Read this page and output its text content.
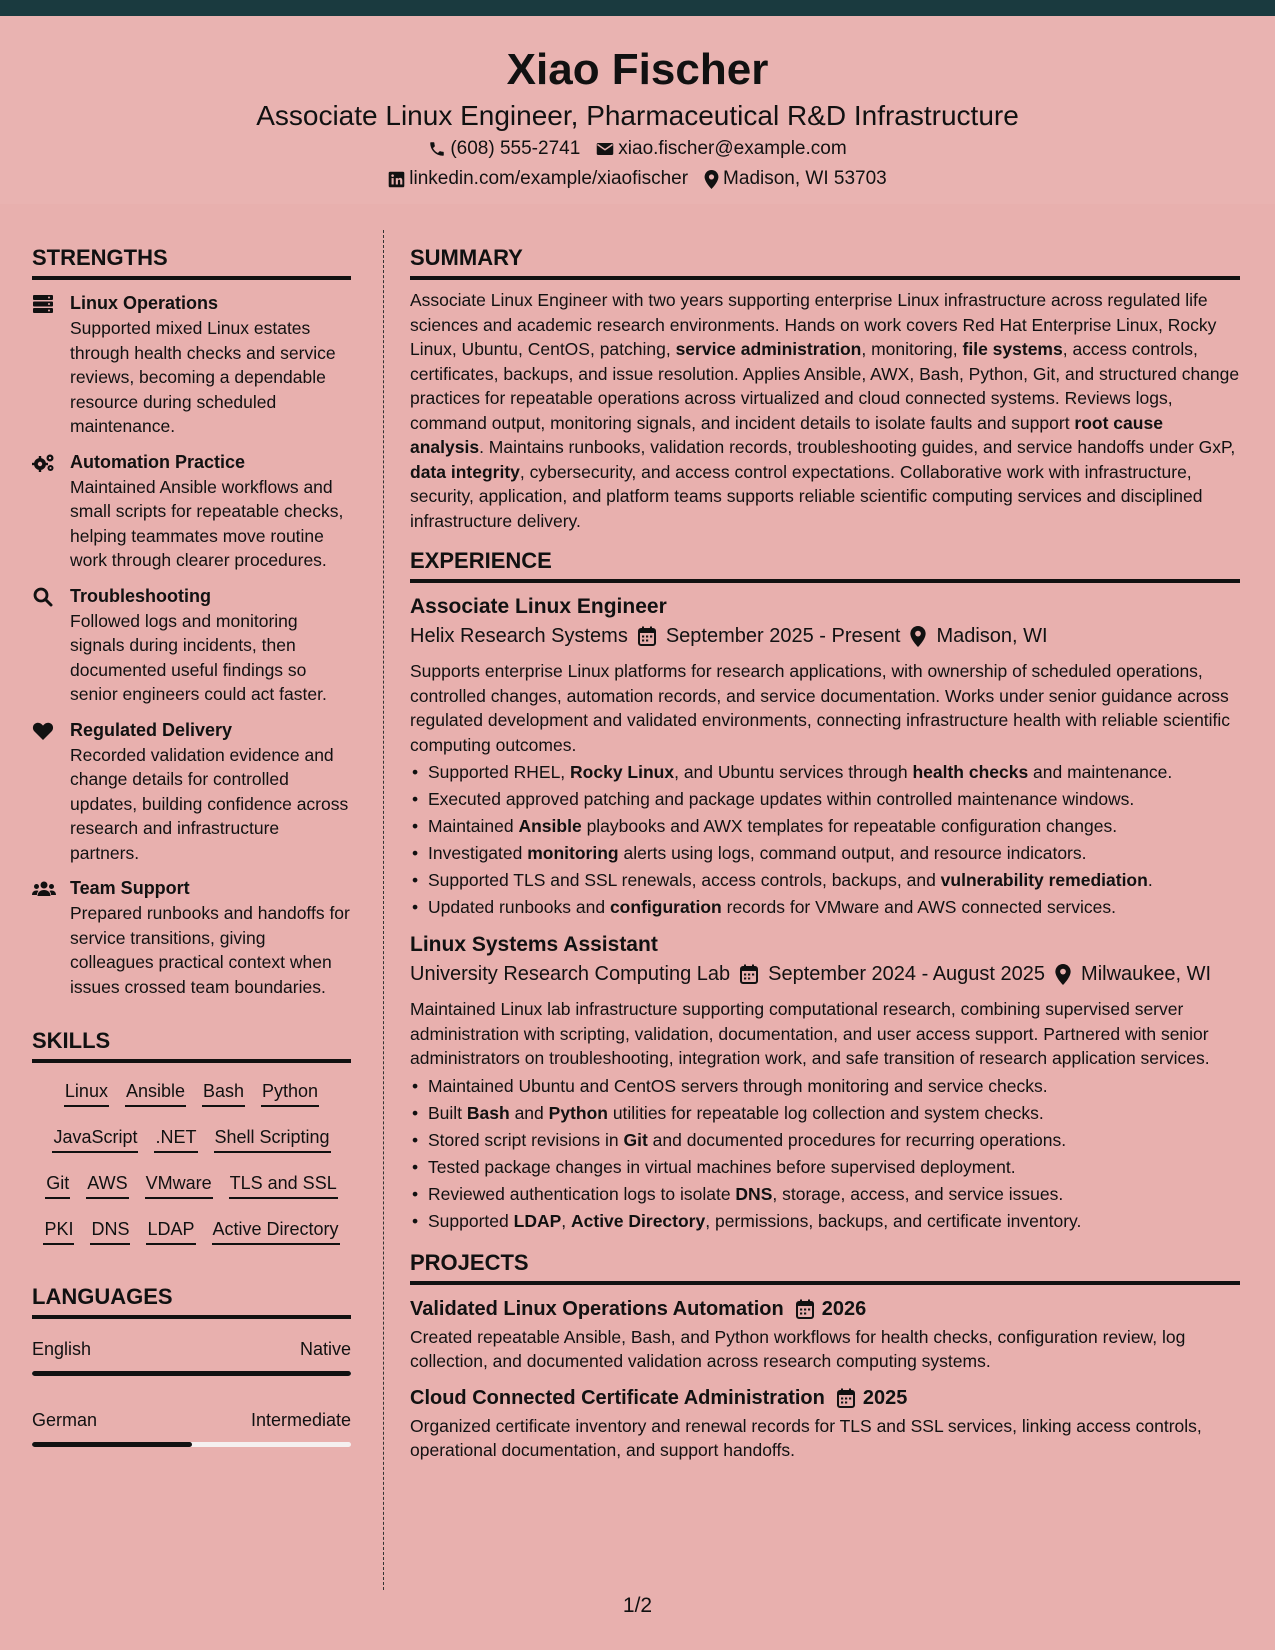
Xiao Fischer
Associate Linux Engineer, Pharmaceutical R&D Infrastructure
(608) 555-2741 xiao.fischer@example.com
linkedin.com/example/xiaofischer Madison, WI 53703
STRENGTHS
Linux Operations
Supported mixed Linux estates through health checks and service reviews, becoming a dependable resource during scheduled maintenance.
Automation Practice
Maintained Ansible workflows and small scripts for repeatable checks, helping teammates move routine work through clearer procedures.
Troubleshooting
Followed logs and monitoring signals during incidents, then documented useful findings so senior engineers could act faster.
Regulated Delivery
Recorded validation evidence and change details for controlled updates, building confidence across research and infrastructure partners.
Team Support
Prepared runbooks and handoffs for service transitions, giving colleagues practical context when issues crossed team boundaries.
SKILLS
Linux Ansible Bash Python
JavaScript .NET Shell Scripting
Git AWS VMware TLS and SSL
PKI DNS LDAP Active Directory
LANGUAGES
English	Native
German	Intermediate
SUMMARY

Associate Linux Engineer with two years supporting enterprise Linux infrastructure across regulated life sciences and academic research environments. Hands on work covers Red Hat Enterprise Linux, Rocky Linux, Ubuntu, CentOS, patching, service administration, monitoring, file systems, access controls, certificates, backups, and issue resolution. Applies Ansible, AWX, Bash, Python, Git, and structured change practices for repeatable operations across virtualized and cloud connected systems. Reviews logs, command output, monitoring signals, and incident details to isolate faults and support root cause analysis. Maintains runbooks, validation records, troubleshooting guides, and service handoffs under GxP, data integrity, cybersecurity, and access control expectations. Collaborative work with infrastructure, security, application, and platform teams supports reliable scientific computing services and disciplined infrastructure delivery.

EXPERIENCE
Associate Linux Engineer
Helix Research Systems September 2025 - Present Madison, WI

Supports enterprise Linux platforms for research applications, with ownership of scheduled operations, controlled changes, automation records, and service documentation. Works under senior guidance across regulated development and validated environments, connecting infrastructure health with reliable scientific computing outcomes.

• Supported RHEL, Rocky Linux, and Ubuntu services through health checks and maintenance.
• Executed approved patching and package updates within controlled maintenance windows.
• Maintained Ansible playbooks and AWX templates for repeatable configuration changes.
• Investigated monitoring alerts using logs, command output, and resource indicators.
• Supported TLS and SSL renewals, access controls, backups, and vulnerability remediation.
• Updated runbooks and configuration records for VMware and AWS connected services.
Linux Systems Assistant
University Research Computing Lab September 2024 - August 2025 Milwaukee, WI

Maintained Linux lab infrastructure supporting computational research, combining supervised server administration with scripting, validation, documentation, and user access support. Partnered with senior administrators on troubleshooting, integration work, and safe transition of research application services.

• Maintained Ubuntu and CentOS servers through monitoring and service checks.
• Built Bash and Python utilities for repeatable log collection and system checks.
• Stored script revisions in Git and documented procedures for recurring operations.
• Tested package changes in virtual machines before supervised deployment.
• Reviewed authentication logs to isolate DNS, storage, access, and service issues.
• Supported LDAP, Active Directory, permissions, backups, and certificate inventory.
PROJECTS
Validated Linux Operations Automation 2026

Created repeatable Ansible, Bash, and Python workflows for health checks, configuration review, log collection, and documented validation across research computing systems.

Cloud Connected Certificate Administration 2025

Organized certificate inventory and renewal records for TLS and SSL services, linking access controls, operational documentation, and support handoffs.

1/2
